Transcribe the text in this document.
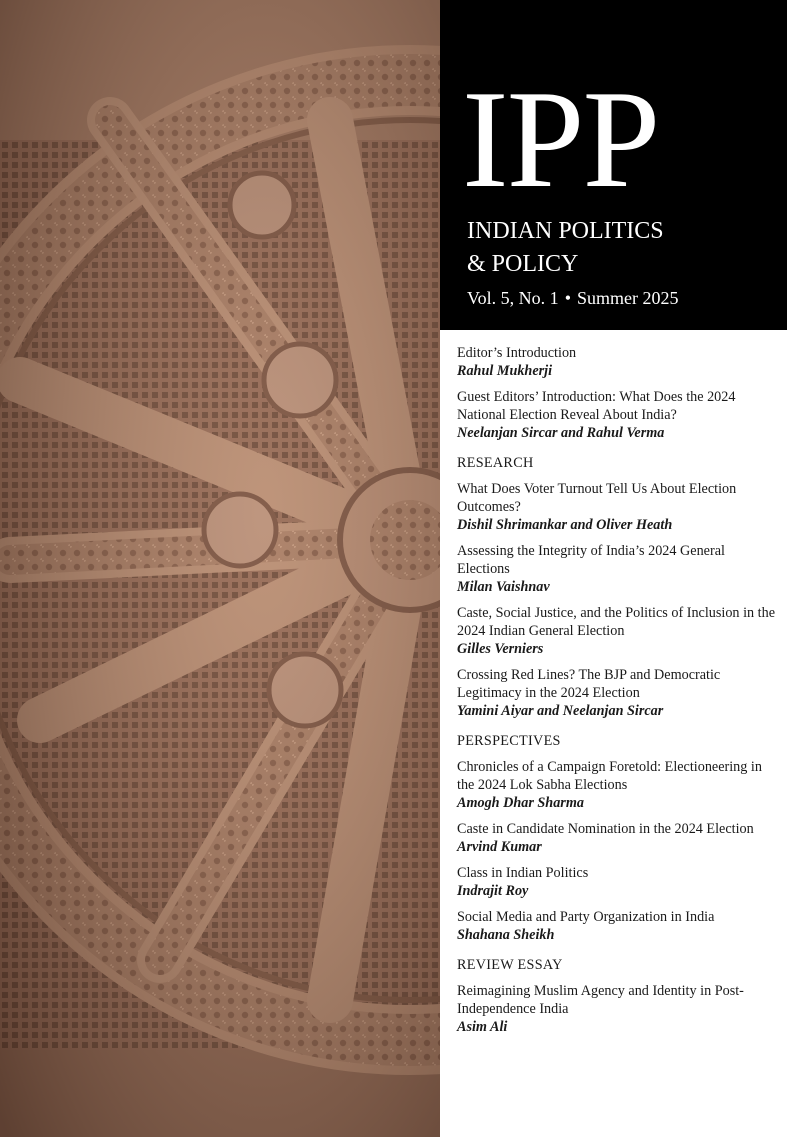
IPP
INDIAN POLITICS
& POLICY
Vol. 5, No. 1 • Summer 2025
Editor’s Introduction
Rahul Mukherji
Guest Editors’ Introduction: What Does the 2024 National Election Reveal About India?
Neelanjan Sircar and Rahul Verma
RESEARCH
What Does Voter Turnout Tell Us About Election Outcomes?
Dishil Shrimankar and Oliver Heath
Assessing the Integrity of India’s 2024 General Elections
Milan Vaishnav
Caste, Social Justice, and the Politics of Inclusion in the 2024 Indian General Election
Gilles Verniers
Crossing Red Lines? The BJP and Democratic Legitimacy in the 2024 Election
Yamini Aiyar and Neelanjan Sircar
PERSPECTIVES
Chronicles of a Campaign Foretold: Electioneering in the 2024 Lok Sabha Elections
Amogh Dhar Sharma
Caste in Candidate Nomination in the 2024 Election
Arvind Kumar
Class in Indian Politics
Indrajit Roy
Social Media and Party Organization in India
Shahana Sheikh
REVIEW ESSAY
Reimagining Muslim Agency and Identity in Post-Independence India
Asim Ali
